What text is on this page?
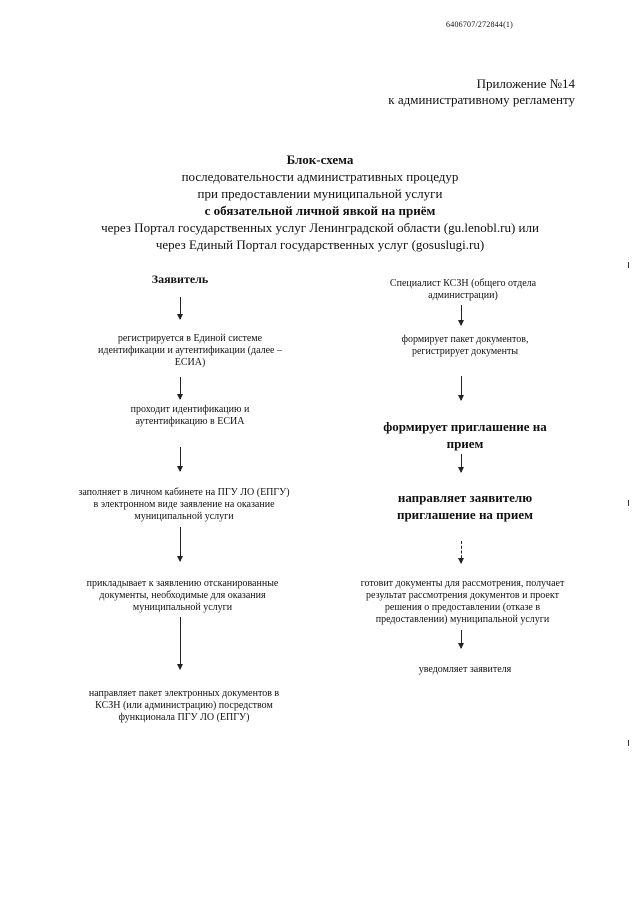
6406707/272844(1)
Приложение №14
к административному регламенту
Блок-схема
последовательности административных процедур
при предоставлении муниципальной услуги
с обязательной личной явкой на приём
через Портал государственных услуг Ленинградской области (gu.lenobl.ru) или
через Единый Портал государственных услуг (gosuslugi.ru)
Заявитель
регистрируется в Единой системе идентификации и аутентификации (далее – ЕСИА)
проходит идентификацию и аутентификацию в ЕСИА
заполняет в личном кабинете на ПГУ ЛО (ЕПГУ) в электронном виде заявление на оказание муниципальной услуги
прикладывает к заявлению отсканированные документы, необходимые для оказания муниципальной услуги
направляет пакет электронных документов в КСЗН (или администрацию) посредством функционала ПГУ ЛО (ЕПГУ)
Специалист КСЗН (общего отдела администрации)
формирует пакет документов, регистрирует документы
формирует приглашение на прием
направляет заявителю приглашение на прием
готовит документы для рассмотрения, получает результат рассмотрения документов и проект решения о предоставлении (отказе в предоставлении) муниципальной услуги
уведомляет заявителя
